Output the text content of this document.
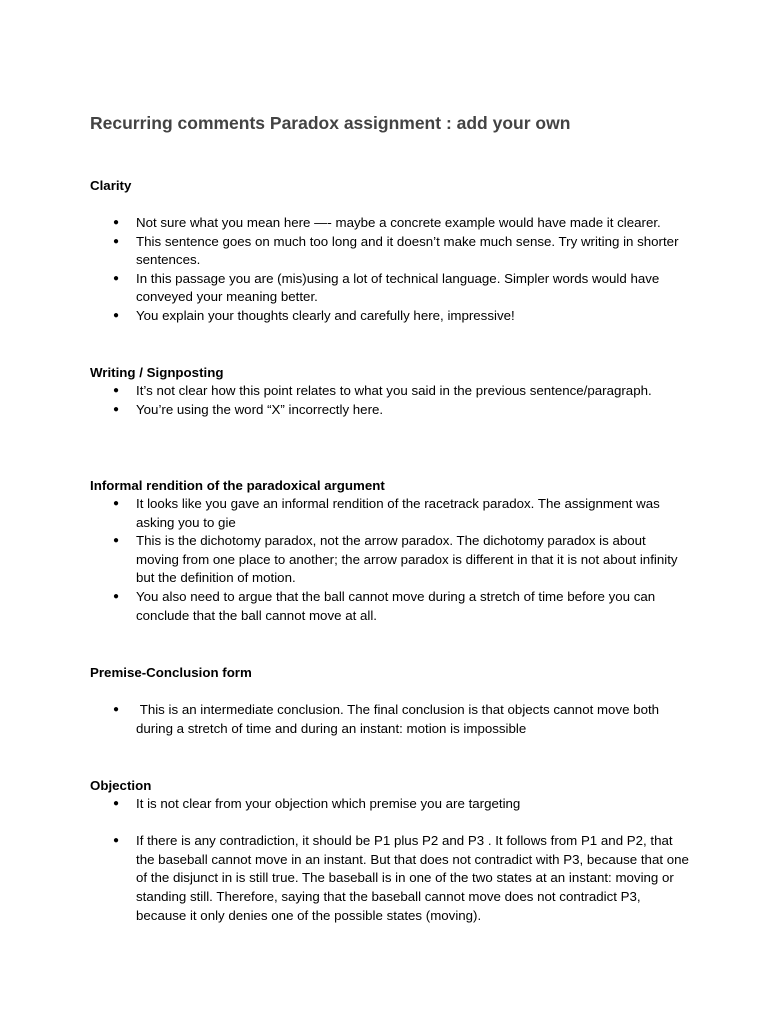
Recurring comments Paradox assignment : add your own
Clarity
● Not sure what you mean here —- maybe a concrete example would have made it clearer.
● This sentence goes on much too long and it doesn’t make much sense. Try writing in shorter sentences.
● In this passage you are (mis)using a lot of technical language. Simpler words would have conveyed your meaning better.
● You explain your thoughts clearly and carefully here, impressive!
Writing / Signposting
● It’s not clear how this point relates to what you said in the previous sentence/paragraph.
● You’re using the word “X” incorrectly here.
Informal rendition of the paradoxical argument
● It looks like you gave an informal rendition of the racetrack paradox. The assignment was asking you to gie
● This is the dichotomy paradox, not the arrow paradox. The dichotomy paradox is about moving from one place to another; the arrow paradox is different in that it is not about infinity but the definition of motion.
● You also need to argue that the ball cannot move during a stretch of time before you can conclude that the ball cannot move at all.
Premise-Conclusion form
● This is an intermediate conclusion. The final conclusion is that objects cannot move both during a stretch of time and during an instant: motion is impossible
Objection
● It is not clear from your objection which premise you are targeting
● If there is any contradiction, it should be P1 plus P2 and P3 . It follows from P1 and P2, that the baseball cannot move in an instant. But that does not contradict with P3, because that one of the disjunct in is still true. The baseball is in one of the two states at an instant: moving or standing still. Therefore, saying that the baseball cannot move does not contradict P3, because it only denies one of the possible states (moving).
